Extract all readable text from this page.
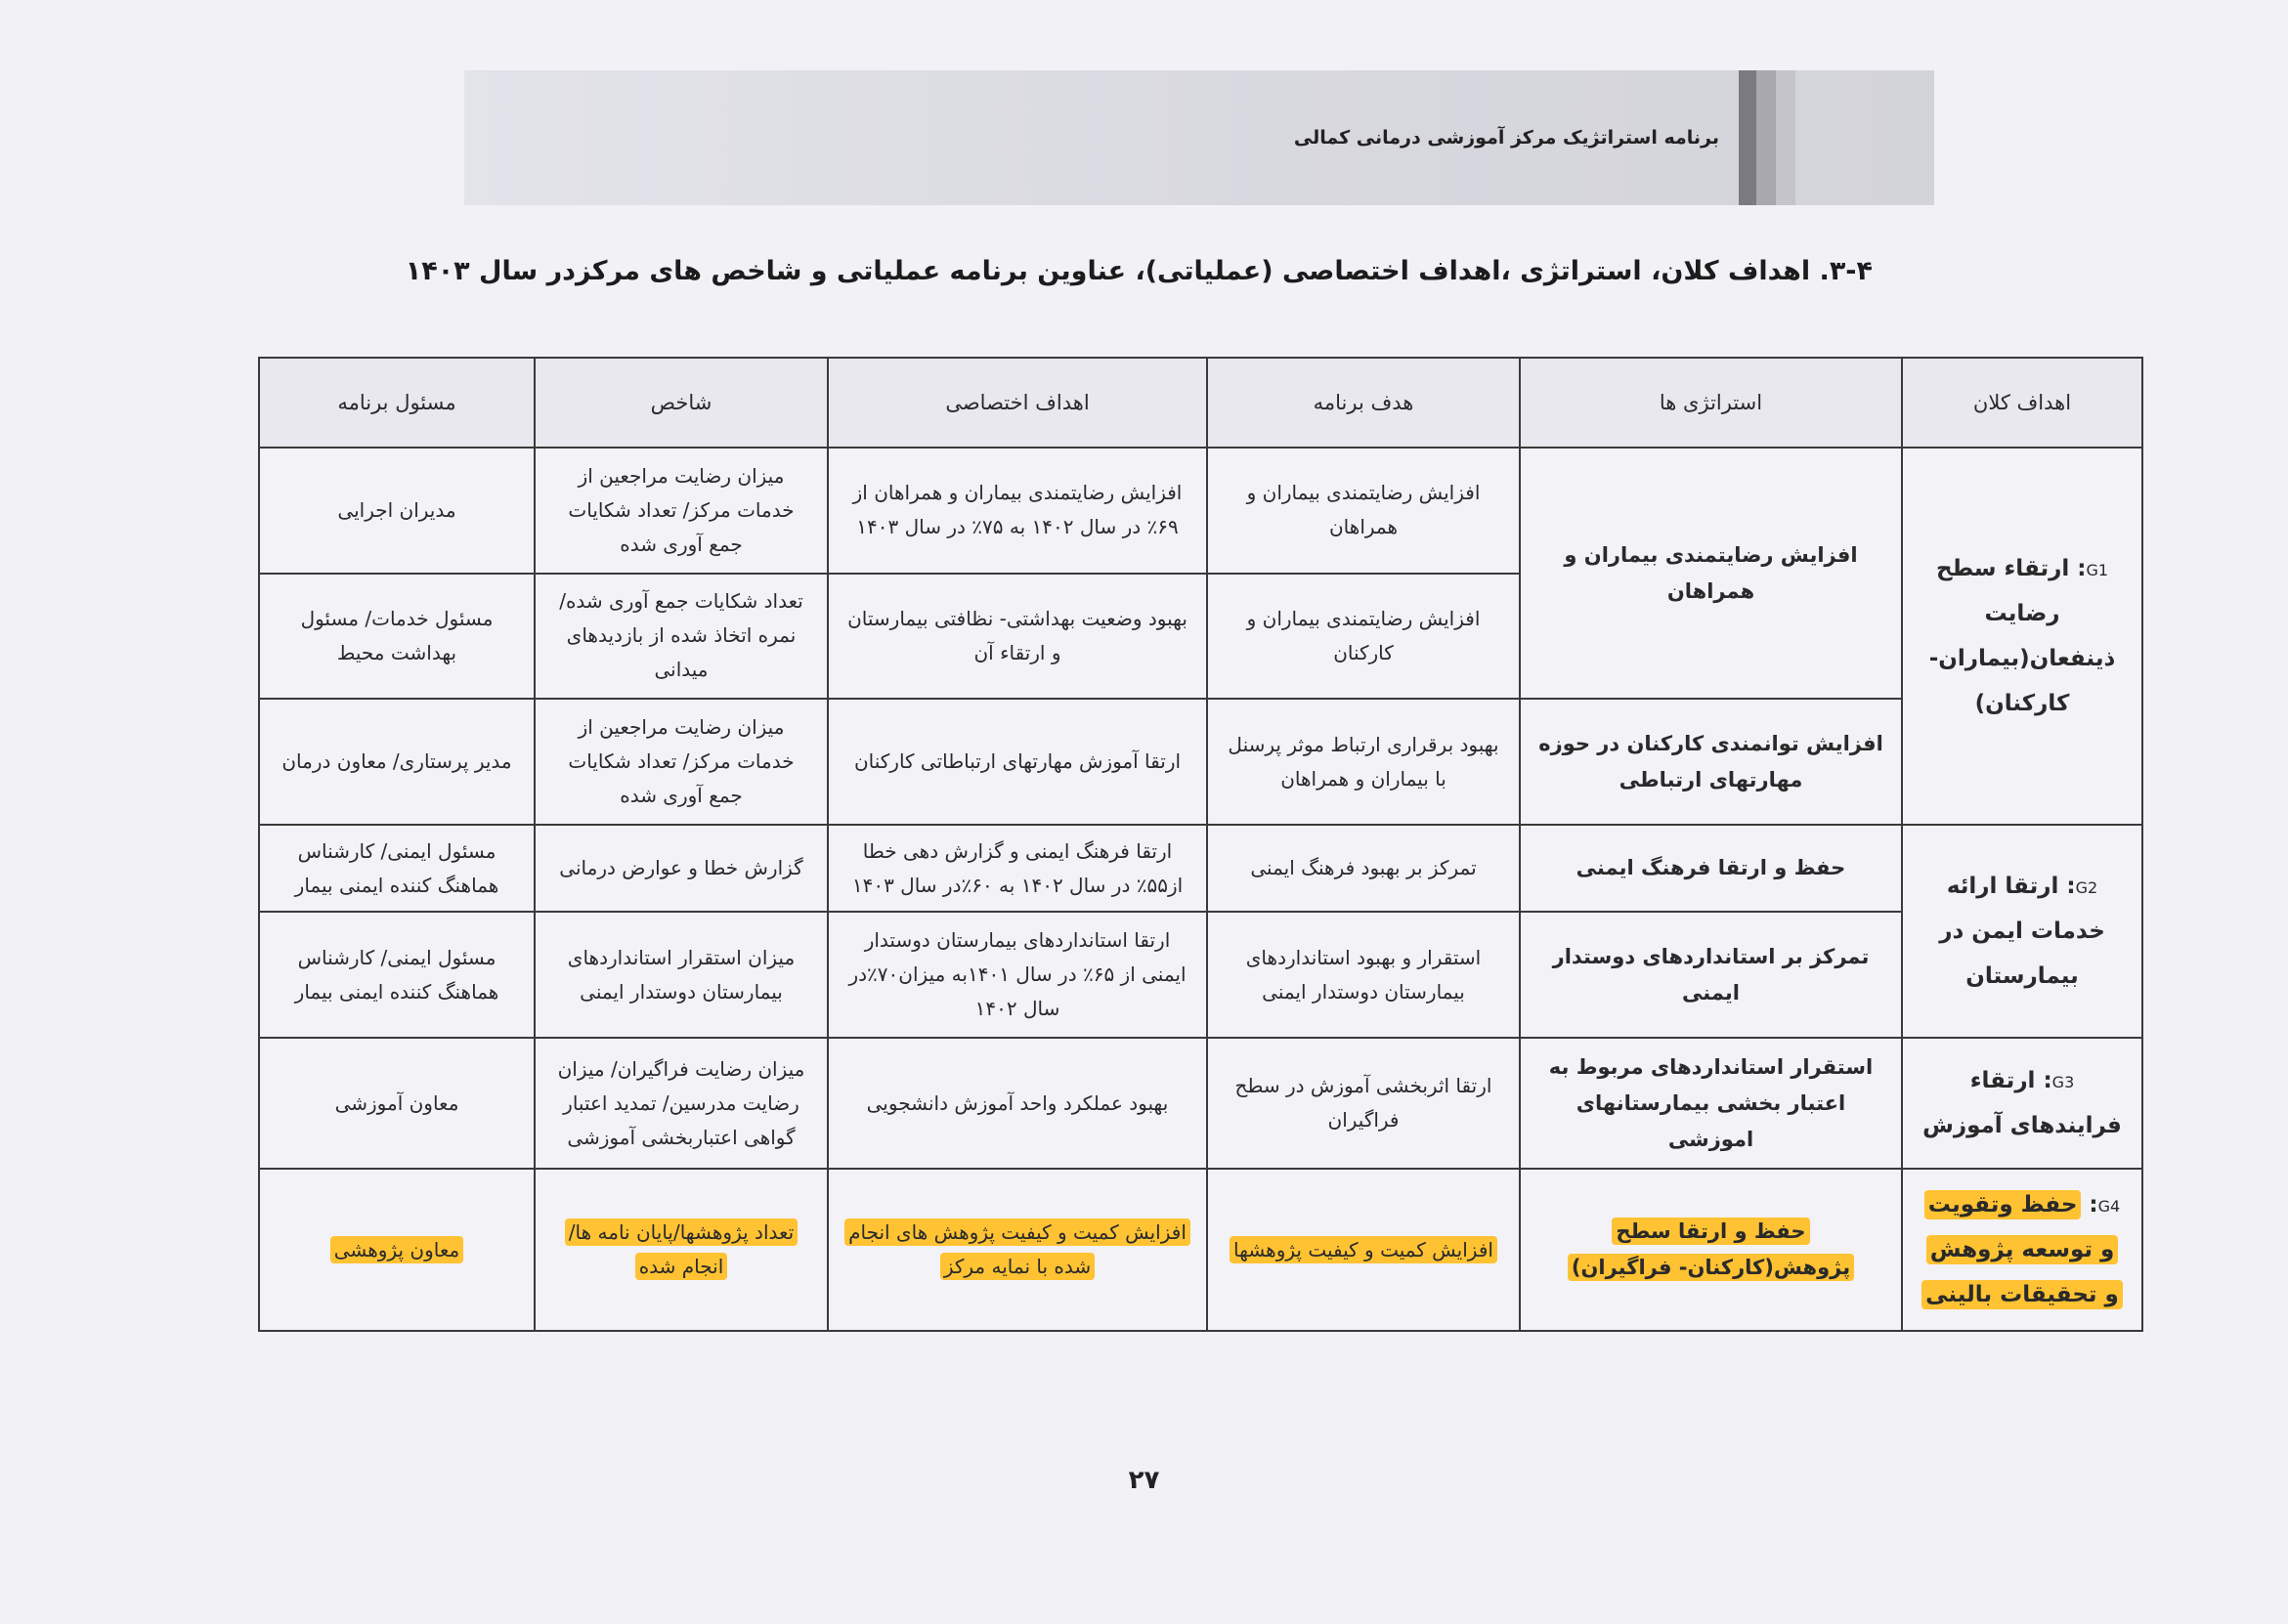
برنامه استراتژیک مرکز آموزشی درمانی کمالی
۳-۴. اهداف کلان، استراتژی ،اهداف اختصاصی (عملیاتی)، عناوین برنامه عملیاتی و شاخص های مرکزدر سال ۱۴۰۳
اهداف کلان	استراتژی ها	هدف برنامه	اهداف اختصاصی	شاخص	مسئول برنامه
G1: ارتقاء سطح رضایت ذینفعان(بیماران- کارکنان)	افزایش رضایتمندی بیماران و همراهان	افزایش رضایتمندی بیماران و همراهان	افزایش رضایتمندی بیماران و همراهان از ۶۹٪ در سال ۱۴۰۲ به ۷۵٪ در سال ۱۴۰۳	میزان رضایت مراجعین از خدمات مرکز/ تعداد شکایات جمع آوری شده	مدیران اجرایی
		افزایش رضایتمندی بیماران و کارکنان	بهبود وضعیت بهداشتی- نظافتی بیمارستان و ارتقاء آن	تعداد شکایات جمع آوری شده/ نمره اتخاذ شده از بازدیدهای میدانی	مسئول خدمات/ مسئول بهداشت محیط
	افزایش توانمندی کارکنان در حوزه مهارتهای ارتباطی	بهبود برقراری ارتباط موثر پرسنل با بیماران و همراهان	ارتقا آموزش مهارتهای ارتباطاتی کارکنان	میزان رضایت مراجعین از خدمات مرکز/ تعداد شکایات جمع آوری شده	مدیر پرستاری/ معاون درمان
G2: ارتقا ارائه خدمات ایمن در بیمارستان	حفظ و ارتقا فرهنگ ایمنی	تمرکز بر بهبود فرهنگ ایمنی	ارتقا فرهنگ ایمنی و گزارش دهی خطا از۵۵٪ در سال ۱۴۰۲ به ۶۰٪در سال ۱۴۰۳	گزارش خطا و عوارض درمانی	مسئول ایمنی/ کارشناس هماهنگ کننده ایمنی بیمار
	تمرکز بر استانداردهای دوستدار ایمنی	استقرار و بهبود استانداردهای بیمارستان دوستدار ایمنی	ارتقا استانداردهای بیمارستان دوستدار ایمنی از ۶۵٪ در سال ۱۴۰۱به میزان۷۰٪در سال ۱۴۰۲	میزان استقرار استانداردهای بیمارستان دوستدار ایمنی	مسئول ایمنی/ کارشناس هماهنگ کننده ایمنی بیمار
G3: ارتقاء فرایندهای آموزش	استقرار استانداردهای مربوط به اعتبار بخشی بیمارستانهای اموزشی	ارتقا اثربخشی آموزش در سطح فراگیران	بهبود عملکرد واحد آموزش دانشجویی	میزان رضایت فراگیران/ میزان رضایت مدرسین/ تمدید اعتبار گواهی اعتباربخشی آموزشی	معاون آموزشی
G4: حفظ وتقویت و توسعه پژوهش و تحقیقات بالینی	حفظ و ارتقا سطح پژوهش(کارکنان- فراگیران)	افزایش کمیت و کیفیت پژوهشها	افزایش کمیت و کیفیت پژوهش های انجام شده با نمایه مرکز	تعداد پژوهشها/پایان نامه ها/ انجام شده	معاون پژوهشی
۲۷
